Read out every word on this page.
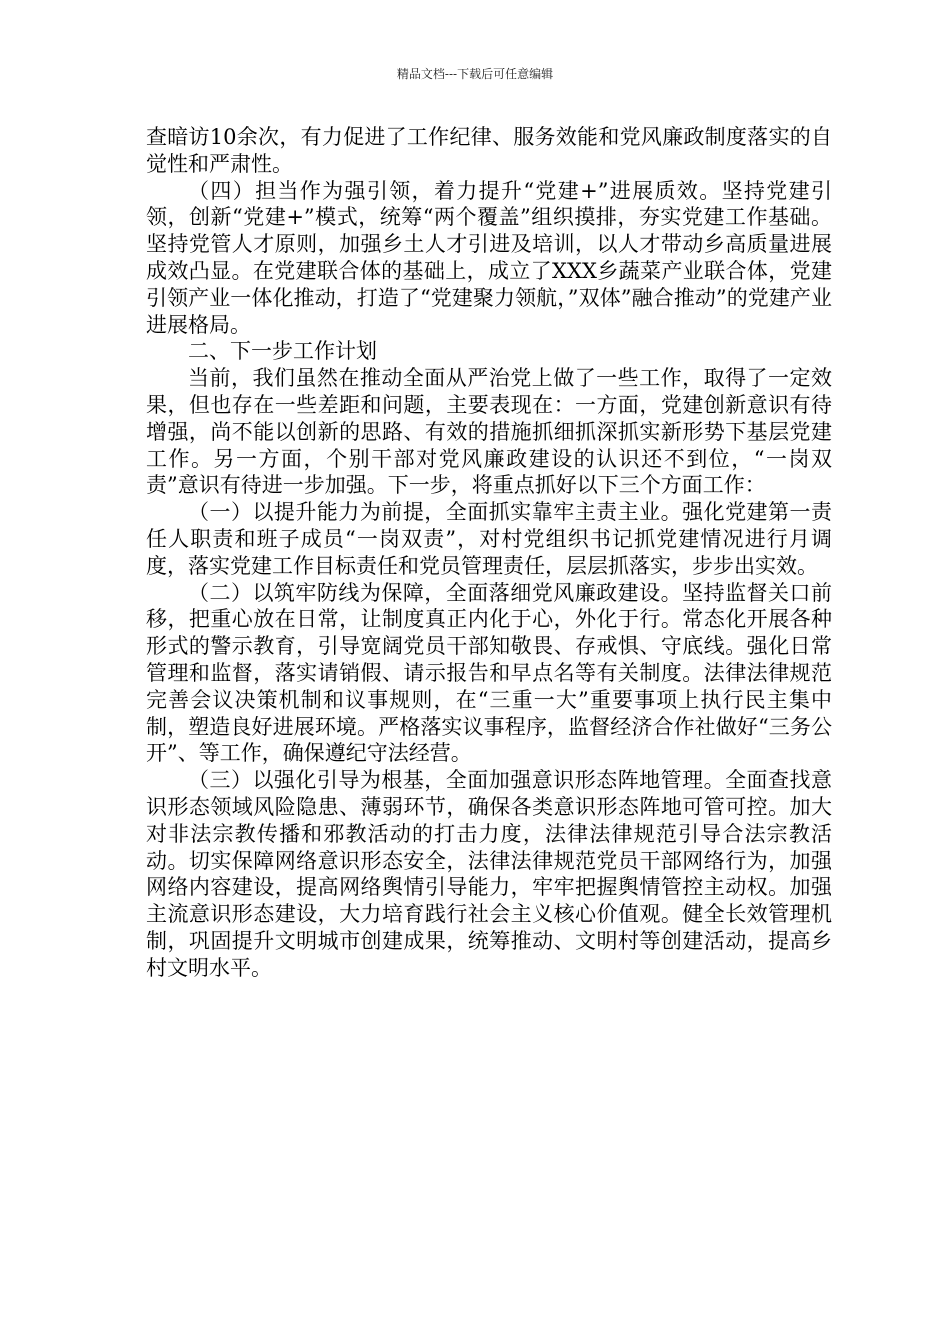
精品文档---下载后可任意编辑

查暗访10余次，有力促进了工作纪律、服务效能和党风廉政制度落实的自觉性和严肃性。

（四）担当作为强引领，着力提升“党建+”进展质效。坚持党建引领，创新“党建+”模式，统筹“两个覆盖”组织摸排，夯实党建工作基础。坚持党管人才原则，加强乡土人才引进及培训，以人才带动乡高质量进展成效凸显。在党建联合体的基础上，成立了XXX乡蔬菜产业联合体，党建引领产业一体化推动，打造了“党建聚力领航，”双体”融合推动”的党建产业进展格局。

二、下一步工作计划

当前，我们虽然在推动全面从严治党上做了一些工作，取得了一定效果，但也存在一些差距和问题，主要表现在：一方面，党建创新意识有待增强，尚不能以创新的思路、有效的措施抓细抓深抓实新形势下基层党建工作。另一方面，个别干部对党风廉政建设的认识还不到位，“一岗双责”意识有待进一步加强。下一步，将重点抓好以下三个方面工作：

（一）以提升能力为前提，全面抓实靠牢主责主业。强化党建第一责任人职责和班子成员“一岗双责”，对村党组织书记抓党建情况进行月调度，落实党建工作目标责任和党员管理责任，层层抓落实，步步出实效。

（二）以筑牢防线为保障，全面落细党风廉政建设。坚持监督关口前移，把重心放在日常，让制度真正内化于心，外化于行。常态化开展各种形式的警示教育，引导宽阔党员干部知敬畏、存戒惧、守底线。强化日常管理和监督，落实请销假、请示报告和早点名等有关制度。法律法律规范完善会议决策机制和议事规则，在“三重一大”重要事项上执行民主集中制，塑造良好进展环境。严格落实议事程序，监督经济合作社做好“三务公开”、等工作，确保遵纪守法经营。

（三）以强化引导为根基，全面加强意识形态阵地管理。全面查找意识形态领域风险隐患、薄弱环节，确保各类意识形态阵地可管可控。加大对非法宗教传播和邪教活动的打击力度，法律法律规范引导合法宗教活动。切实保障网络意识形态安全，法律法律规范党员干部网络行为，加强网络内容建设，提高网络舆情引导能力，牢牢把握舆情管控主动权。加强主流意识形态建设，大力培育践行社会主义核心价值观。健全长效管理机制，巩固提升文明城市创建成果，统筹推动、文明村等创建活动，提高乡村文明水平。
